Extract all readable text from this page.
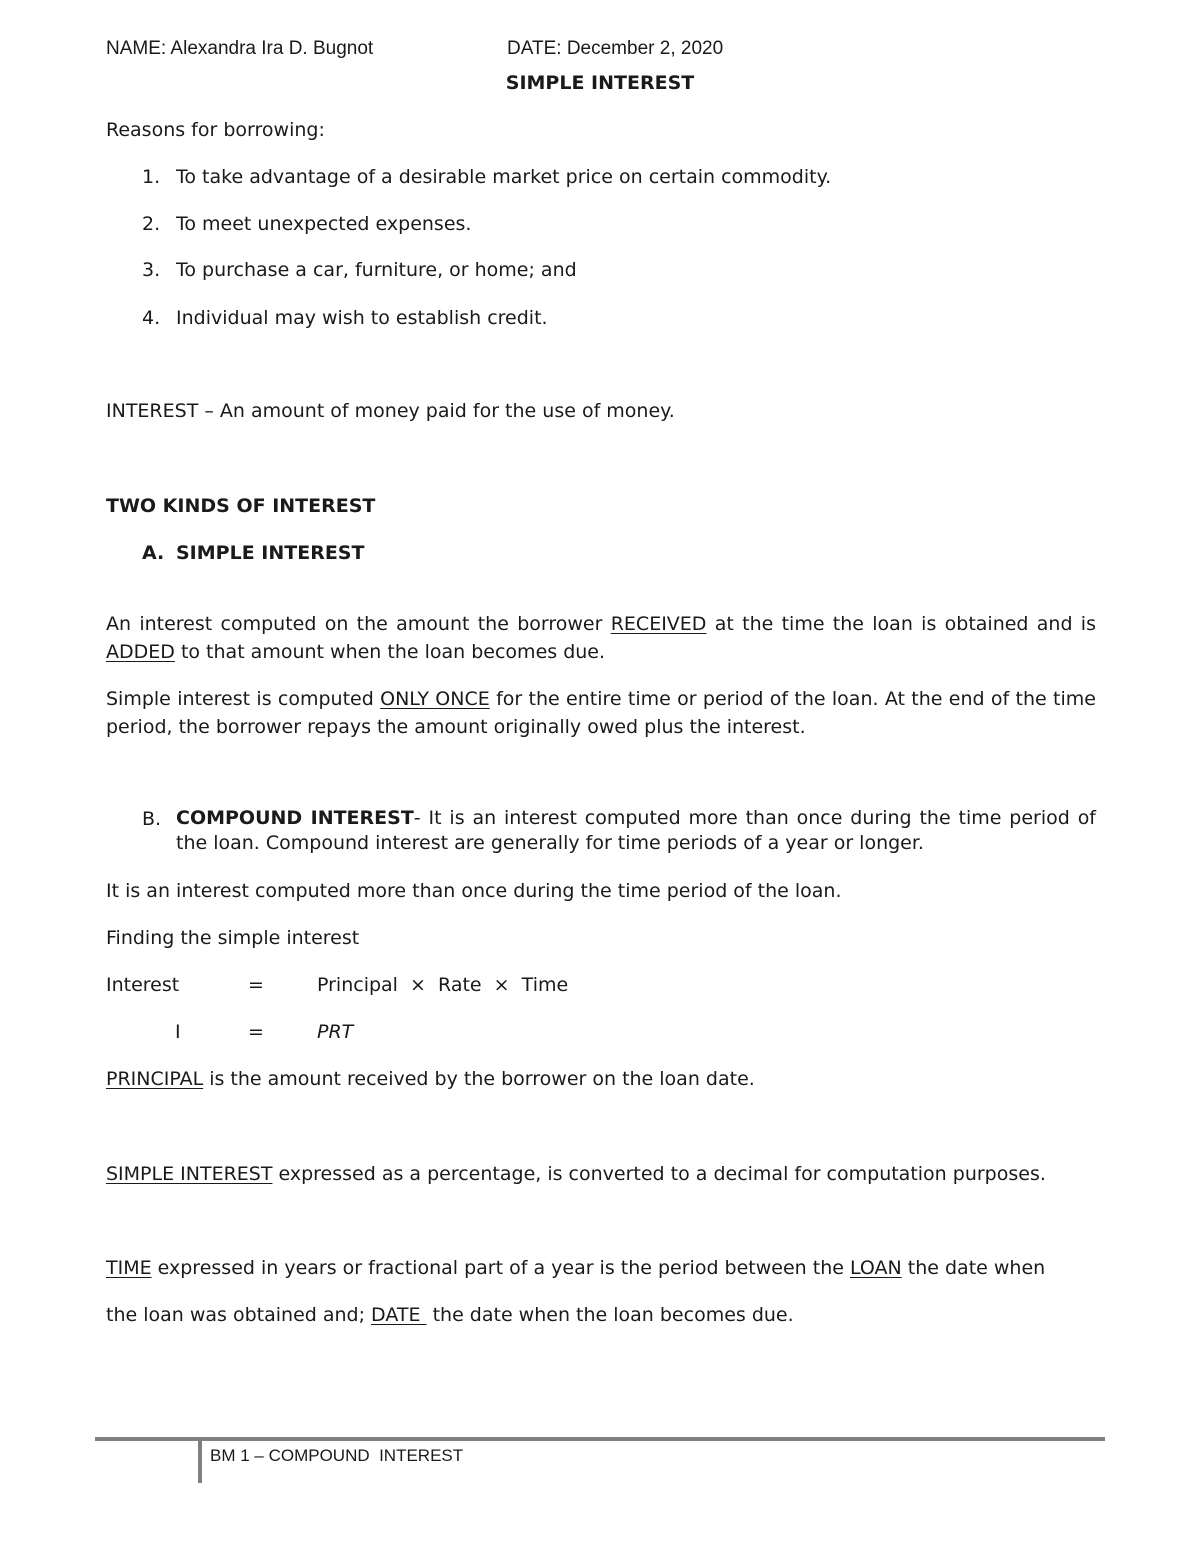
NAME: Alexandra Ira D. Bugnot	DATE: December 2, 2020
SIMPLE INTEREST
Reasons for borrowing:
1. To take advantage of a desirable market price on certain commodity.
2. To meet unexpected expenses.
3. To purchase a car, furniture, or home; and
4. Individual may wish to establish credit.
INTEREST – An amount of money paid for the use of money.
TWO KINDS OF INTEREST
A. SIMPLE INTEREST
An interest computed on the amount the borrower RECEIVED at the time the loan is obtained and is ADDED to that amount when the loan becomes due.
Simple interest is computed ONLY ONCE for the entire time or period of the loan. At the end of the time period, the borrower repays the amount originally owed plus the interest.
B. COMPOUND INTEREST- It is an interest computed more than once during the time period of the loan. Compound interest are generally for time periods of a year or longer.
It is an interest computed more than once during the time period of the loan.
Finding the simple interest
Interest	=	Principal  ×  Rate  ×  Time
I	=	PRT
PRINCIPAL is the amount received by the borrower on the loan date.
SIMPLE INTEREST expressed as a percentage, is converted to a decimal for computation purposes.
TIME expressed in years or fractional part of a year is the period between the LOAN the date when
the loan was obtained and; DATE  the date when the loan becomes due.
BM 1 – COMPOUND  INTEREST
